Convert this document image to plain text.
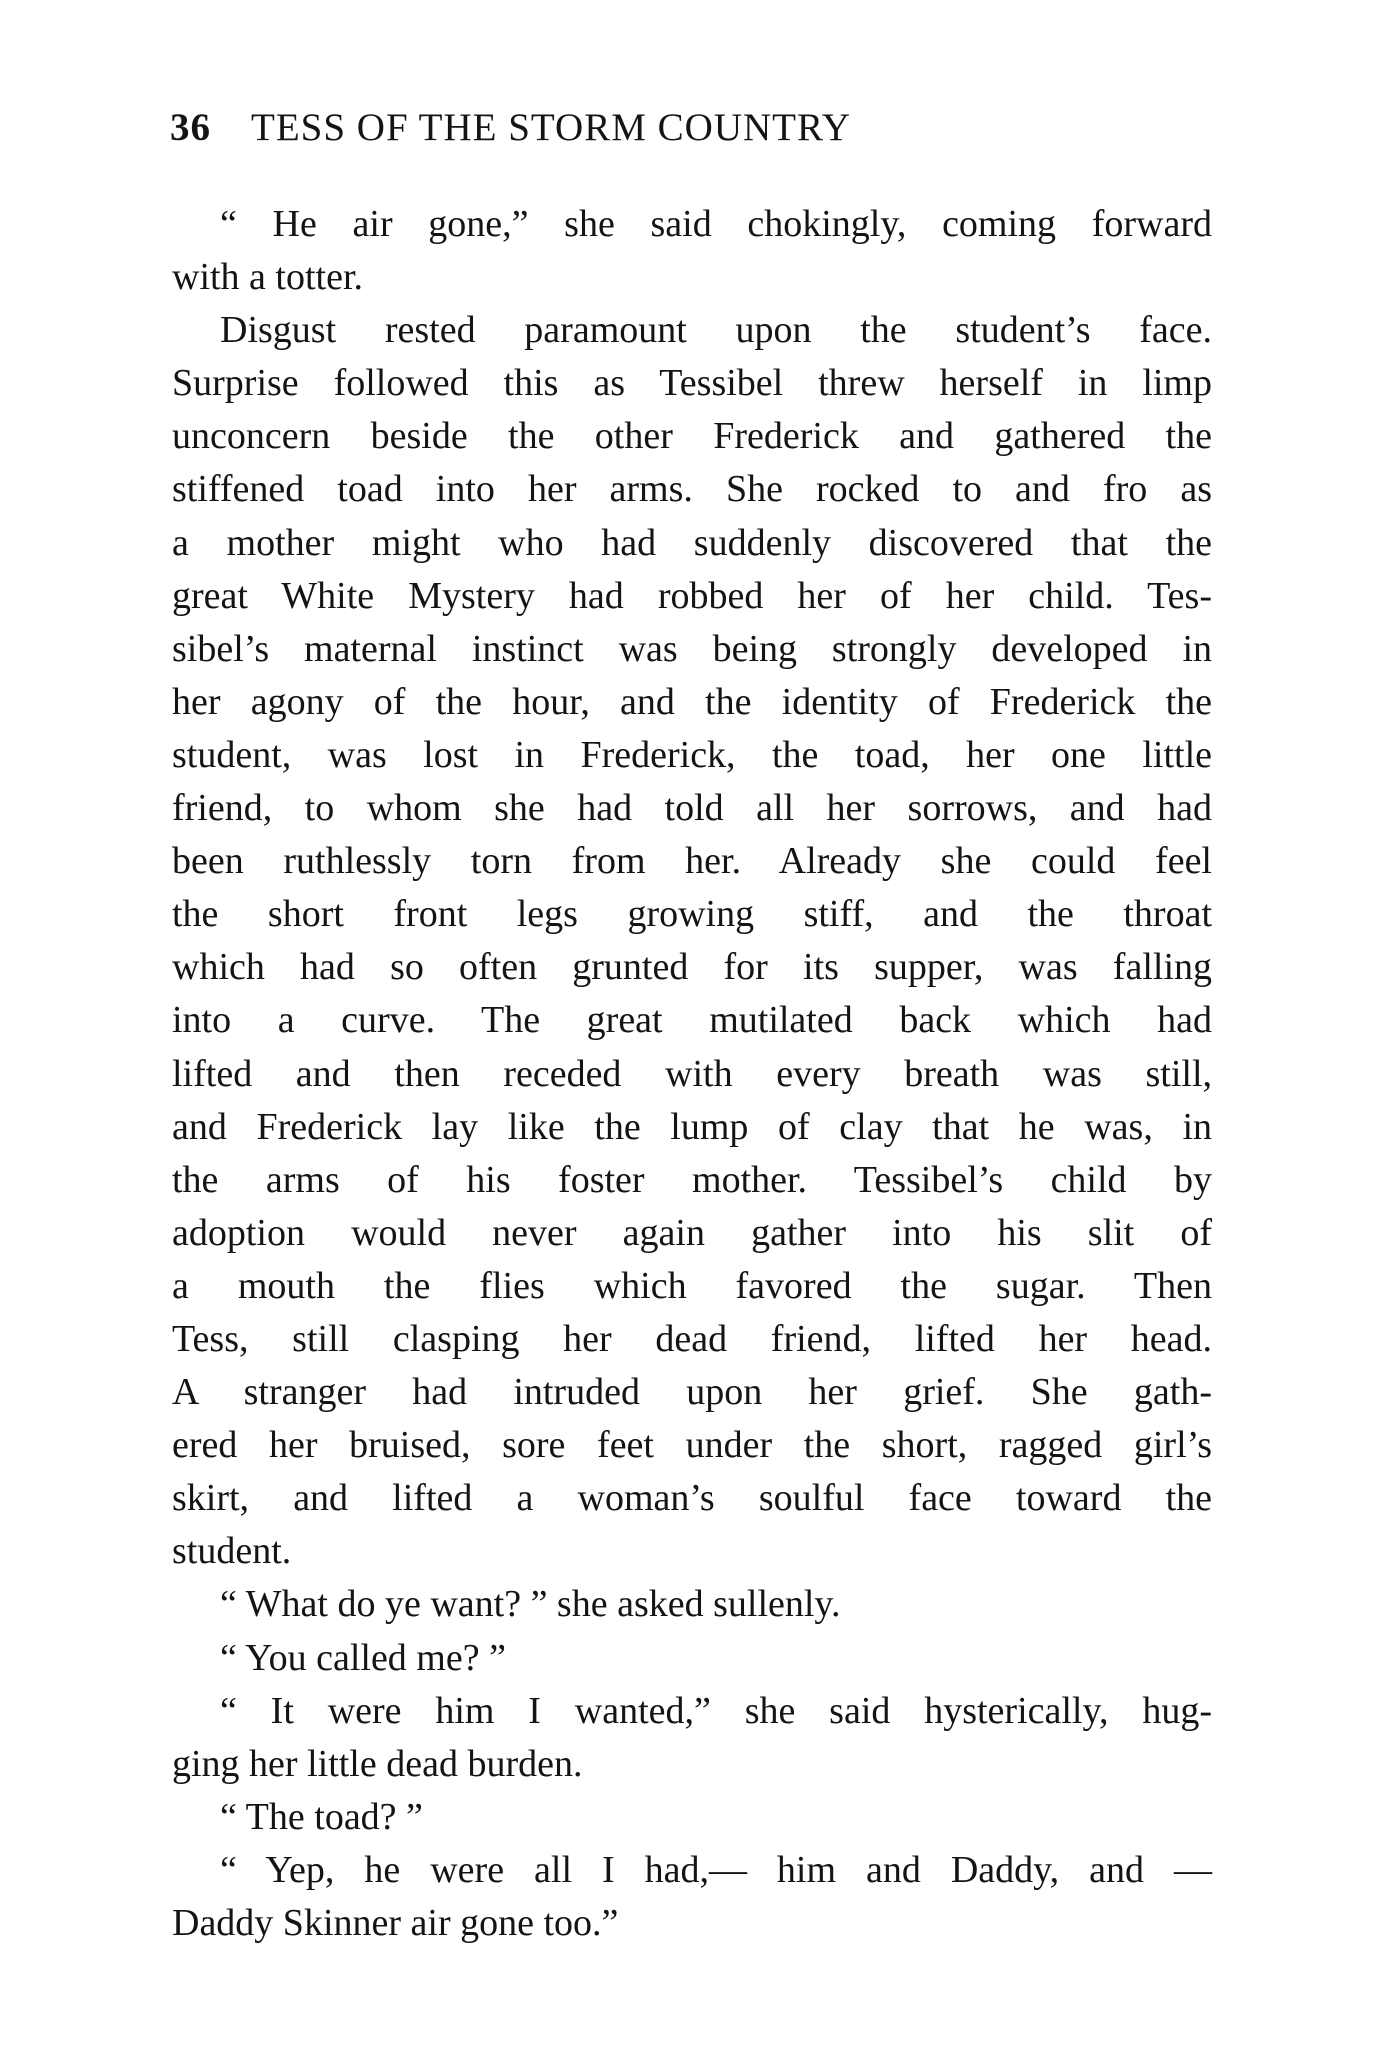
36 TESS OF THE STORM COUNTRY
“ He air gone,” she said chokingly, coming forward
with a totter.
Disgust rested paramount upon the student’s face.
Surprise followed this as Tessibel threw herself in limp
unconcern beside the other Frederick and gathered the
stiffened toad into her arms. She rocked to and fro as
a mother might who had suddenly discovered that the
great White Mystery had robbed her of her child. Tes-
sibel’s maternal instinct was being strongly developed in
her agony of the hour, and the identity of Frederick the
student, was lost in Frederick, the toad, her one little
friend, to whom she had told all her sorrows, and had
been ruthlessly torn from her. Already she could feel
the short front legs growing stiff, and the throat
which had so often grunted for its supper, was falling
into a curve. The great mutilated back which had
lifted and then receded with every breath was still,
and Frederick lay like the lump of clay that he was, in
the arms of his foster mother. Tessibel’s child by
adoption would never again gather into his slit of
a mouth the flies which favored the sugar. Then
Tess, still clasping her dead friend, lifted her head.
A stranger had intruded upon her grief. She gath-
ered her bruised, sore feet under the short, ragged girl’s
skirt, and lifted a woman’s soulful face toward the
student.
“ What do ye want? ” she asked sullenly.
“ You called me? ”
“ It were him I wanted,” she said hysterically, hug-
ging her little dead burden.
“ The toad? ”
“ Yep, he were all I had,— him and Daddy, and —
Daddy Skinner air gone too.”
